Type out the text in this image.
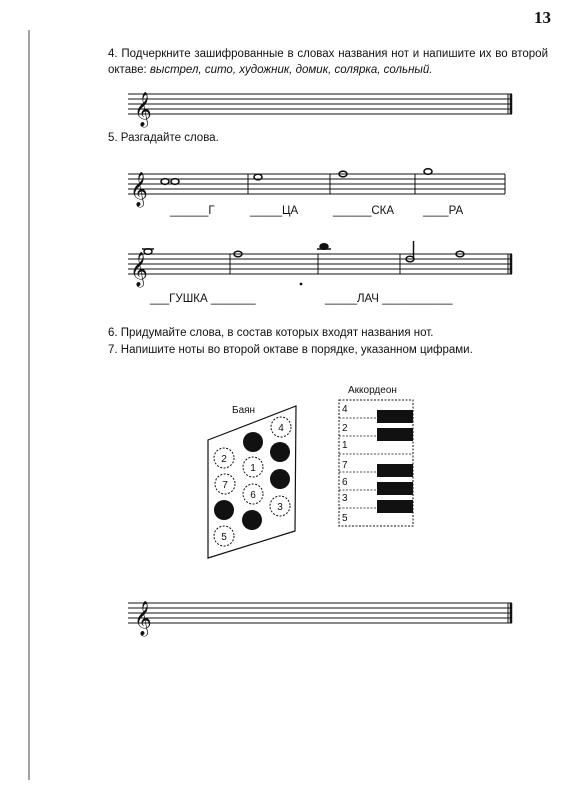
13
4. Подчеркните зашифрованные в словах названия нот и напишите их во второй октаве: выстрел, сито, художник, домик, солярка, сольный.
5. Разгадайте слова.
______Г	_____ЦА	______СКА	____РА
___ГУШКА _______	_____ЛАЧ ___________
6. Придумайте слова, в состав которых входят названия нот.
7. Напишите ноты во второй октаве в порядке, указанном цифрами.
Баян
Аккордеон
𝄞
𝄞
𝄞
𝄞
4
2
1
7
6
3
5
4
2
1
7
6
3
5
